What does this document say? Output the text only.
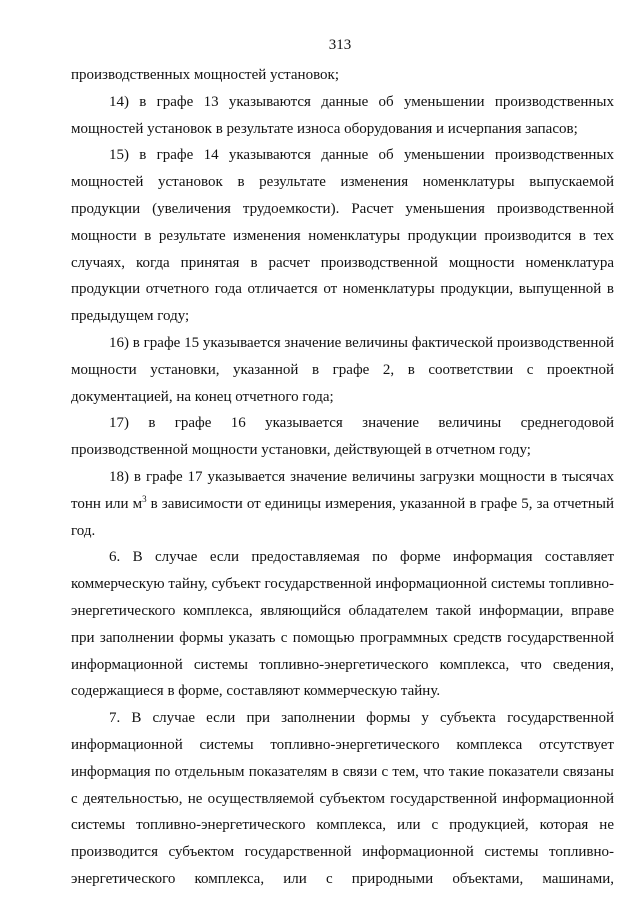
313

производственных мощностей установок;

14) в графе 13 указываются данные об уменьшении производственных мощностей установок в результате износа оборудования и исчерпания запасов;

15) в графе 14 указываются данные об уменьшении производственных мощностей установок в результате изменения номенклатуры выпускаемой продукции (увеличения трудоемкости). Расчет уменьшения производственной мощности в результате изменения номенклатуры продукции производится в тех случаях, когда принятая в расчет производственной мощности номенклатура продукции отчетного года отличается от номенклатуры продукции, выпущенной в предыдущем году;

16) в графе 15 указывается значение величины фактической производственной мощности установки, указанной в графе 2, в соответствии с проектной документацией, на конец отчетного года;

17) в графе 16 указывается значение величины среднегодовой производственной мощности установки, действующей в отчетном году;

18) в графе 17 указывается значение величины загрузки мощности в тысячах тонн или $м^3$ в зависимости от единицы измерения, указанной в графе 5, за отчетный год.

6. В случае если предоставляемая по форме информация составляет коммерческую тайну, субъект государственной информационной системы топливно-энергетического комплекса, являющийся обладателем такой информации, вправе при заполнении формы указать с помощью программных средств государственной информационной системы топливно-энергетического комплекса, что сведения, содержащиеся в форме, составляют коммерческую тайну.

7. В случае если при заполнении формы у субъекта государственной информационной системы топливно-энергетического комплекса отсутствует информация по отдельным показателям в связи с тем, что такие показатели связаны с деятельностью, не осуществляемой субъектом государственной информационной системы топливно-энергетического комплекса, или с продукцией, которая не производится субъектом государственной информационной системы топливно-энергетического комплекса, или с природными объектами, машинами,
